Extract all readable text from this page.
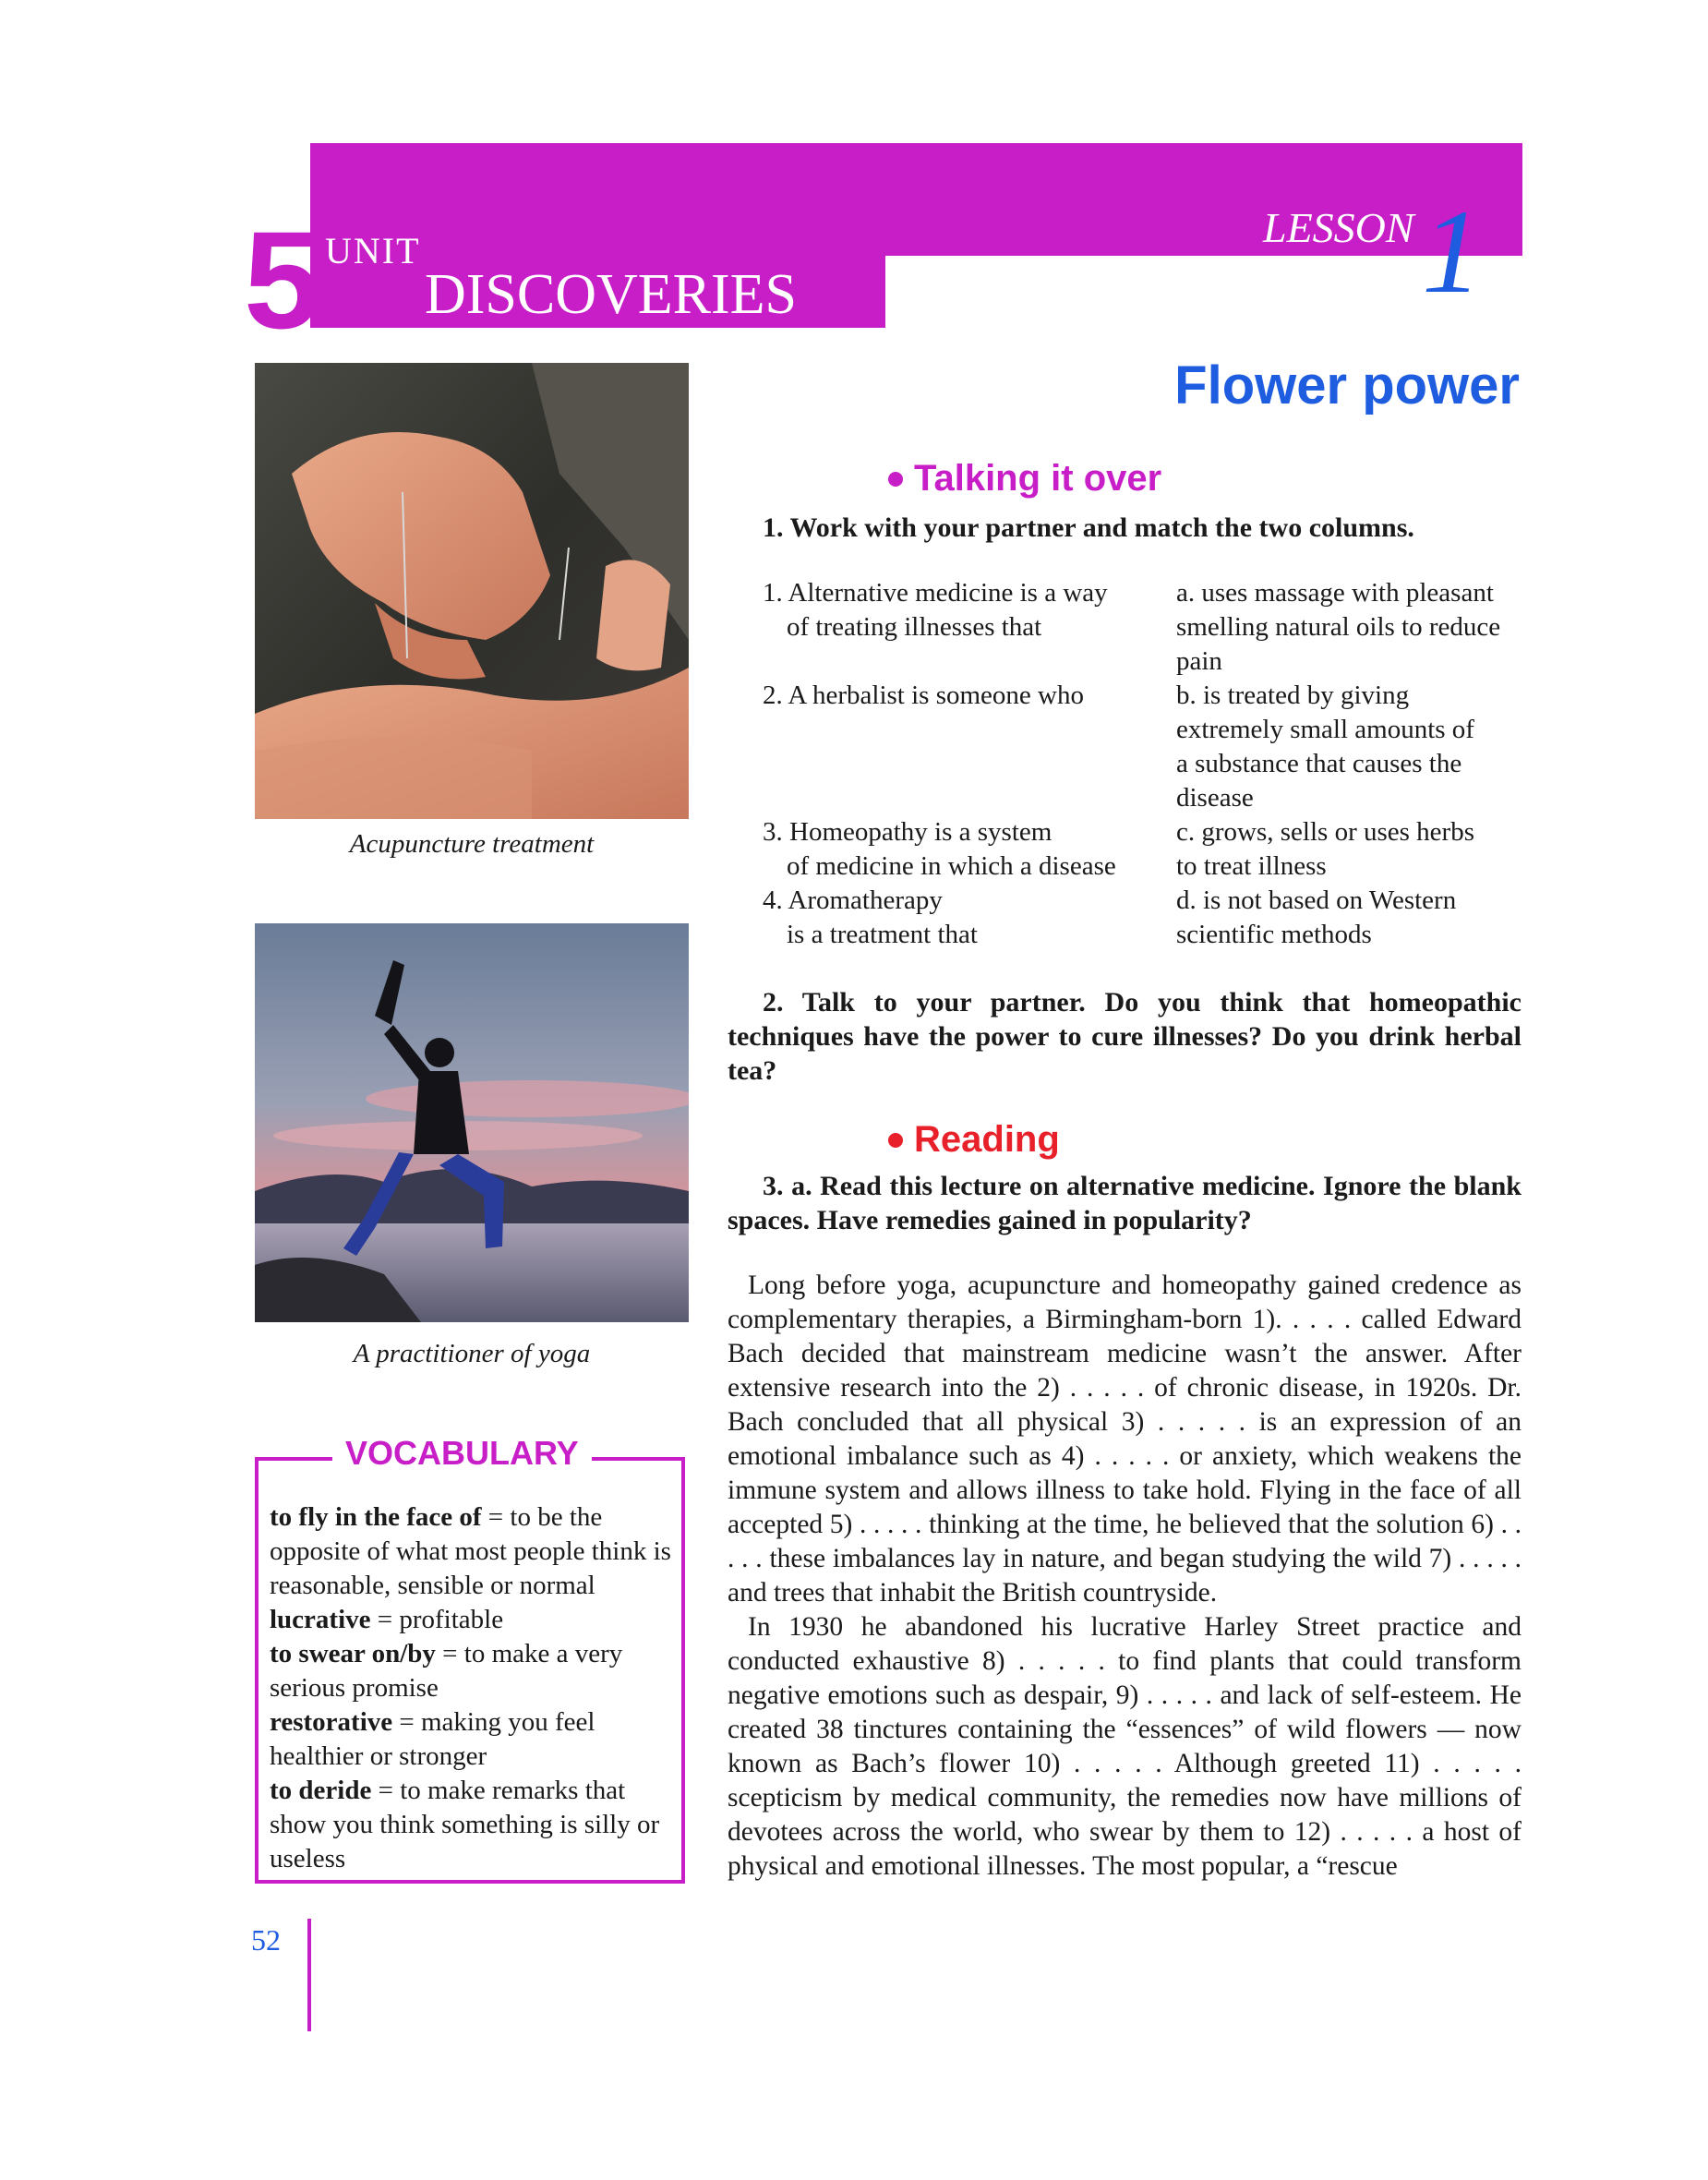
5 UNIT
DISCOVERIES
LESSON 1
Flower power
Acupuncture treatment
A practitioner of yoga
VOCABULARY
to fly in the face of = to be the opposite of what most people think is reasonable, sensible or normal
lucrative = profitable
to swear on/by = to make a very serious promise
restorative = making you feel healthier or stronger
to deride = to make remarks that show you think something is silly or useless
Talking it over
1. Work with your partner and match the two columns.
1. Alternative medicine is a way
of treating illnesses that
a. uses massage with pleasant
smelling natural oils to reduce
pain
2. A herbalist is someone who	b. is treated by giving
extremely small amounts of
a substance that causes the
disease
3. Homeopathy is a system
of medicine in which a disease
c. grows, sells or uses herbs
to treat illness
4. Aromatherapy
is a treatment that
d. is not based on Western
scientific methods
2. Talk to your partner. Do you think that homeopathic techniques have the power to cure illnesses? Do you drink herbal tea?
Reading
3. a. Read this lecture on alternative medicine. Ignore the blank spaces. Have remedies gained in popularity?

Long before yoga, acupuncture and homeopathy gained credence as complementary therapies, a Birmingham-born 1). . . . . called Edward Bach decided that mainstream medicine wasn’t the answer. After extensive research into the 2) . . . . . of chronic disease, in 1920s. Dr. Bach concluded that all physical 3) . . . . . is an expression of an emotional imbalance such as 4) . . . . . or anxiety, which weakens the immune system and allows illness to take hold. Flying in the face of all accepted 5) . . . . . thinking at the time, he believed that the solution 6) . . . . . these imbalances lay in nature, and began studying the wild 7) . . . . . and trees that inhabit the British countryside.

In 1930 he abandoned his lucrative Harley Street practice and conducted exhaustive 8) . . . . . to find plants that could transform negative emotions such as despair, 9) . . . . . and lack of self-esteem. He created 38 tinctures containing the “essences” of wild flowers — now known as Bach’s flower 10) . . . . . Although greeted 11) . . . . . scepticism by medical community, the remedies now have millions of devotees across the world, who swear by them to 12) . . . . . a host of physical and emotional illnesses. The most popular, a “rescue

52
